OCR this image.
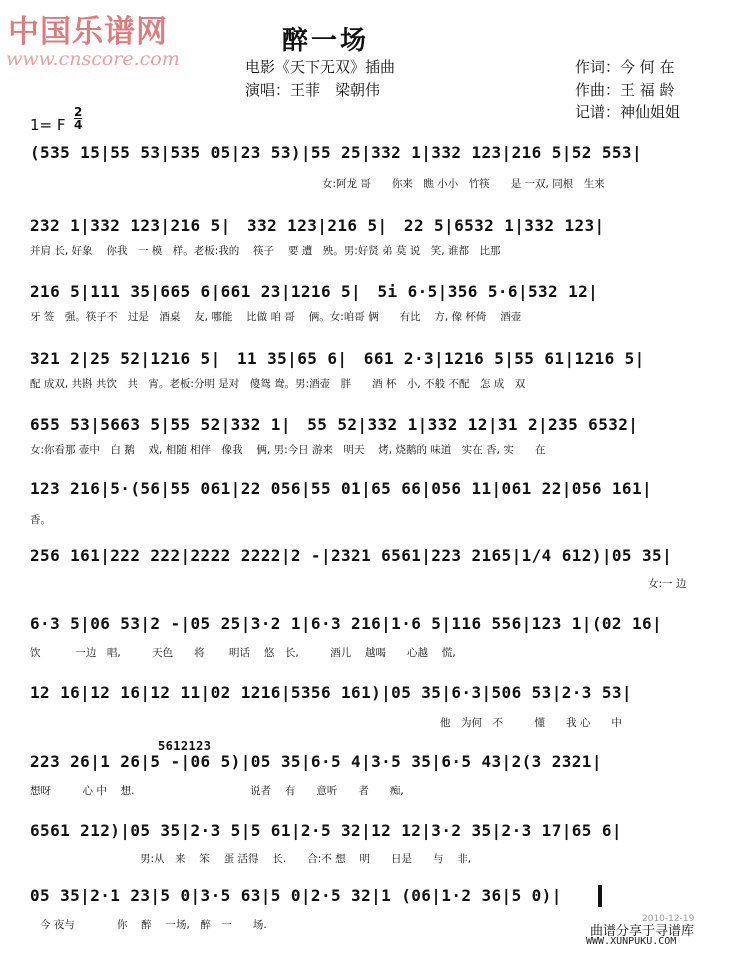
中国乐谱网
www.cnscore.com
醉一场
电影《天下无双》插曲
演唱：王菲　梁朝伟
作词：今 何 在
作曲：王 福 龄
记谱：神仙姐姐
1= F $\frac{2}{4}$
5612123
(535 15|55 53|535 05|23 53)|55 25|332 1|332 123|216 5|52 553|
女:阿龙 哥　　你来　瞧 小小　竹筷　　是 一双, 同根　生来
232 1|332 123|216 5|　332 123|216 5|　22 5|6532 1|332 123|
并肩 长, 好象　 你我　一 模　样。老板:我的　 筷子　 要 遭　殃。男:好贤 弟 莫 说　笑, 谁都　比那
216 5|111 35|665 6|661 23|1216 5|　5i 6·5|356 5·6|532 12|
牙 签　强。筷子不　过是　酒桌　 友, 哪能　 比做 咱 哥　 俩。女:咱哥 俩　　有比　 方, 像 杯倚　 酒壶
321 2|25 52|1216 5|　11 35|65 6|　661 2·3|1216 5|55 61|1216 5|
配 成双, 共斟 共饮　共　宵。老板:分明 是对　傻鸳 鸯。男:酒壶　胖　　酒 杯　小, 不般 不配　怎 成　双
655 53|5663 5|55 52|332 1|　55 52|332 1|332 12|31 2|235 6532|
女:你看那 壶中　白 鹅　 戏, 相随 相伴　像我　 俩, 男:今日 游来　明天　 烤, 烧鹅的 味道　实在 香, 实　　在
123 216|5·(56|55 061|22 056|55 01|65 66|056 11|061 22|056 161|
香。
256 161|222 222|2222 2222|2 -|2321 6561|223 2165|1/4 612)|05 35|
女:一 边
6·3 5|06 53|2 -|05 25|3·2 1|6·3 216|1·6 5|116 556|123 1|(02 16|
饮　　　 一边　唱,　　　天色　　将　　 明话　 悠　长,　　　酒儿　 越喝　　心越　 慌,
12 16|12 16|12 11|02 1216|5356 161)|05 35|6·3|506 53|2·3 53|
他　为何　不　　　懂　　我 心　　中
223 26|1 26|5 -|06 5)|05 35|6·5 4|3·5 35|6·5 43|2(3 2321|
想呀　　　心 中　 想.　　　　　　　　　　　说者　 有　　意听　　者　　痴,
6561 212)|05 35|2·3 5|5 61|2·5 32|12 12|3·2 35|2·3 17|65 6|
男:从　来　 笨　 蛋 活得　 长.　　合:不 想　 明　　日是　　与　 非,
05 35|2·1 23|5 0|3·5 63|5 0|2·5 32|1 (06|1·2 36|5 0)|
今 夜与　　　　你　 醉　 一场,　醉　一　　场.	2010-12-19
曲谱分享于寻谱库
WWW.XUNPUKU.COM
